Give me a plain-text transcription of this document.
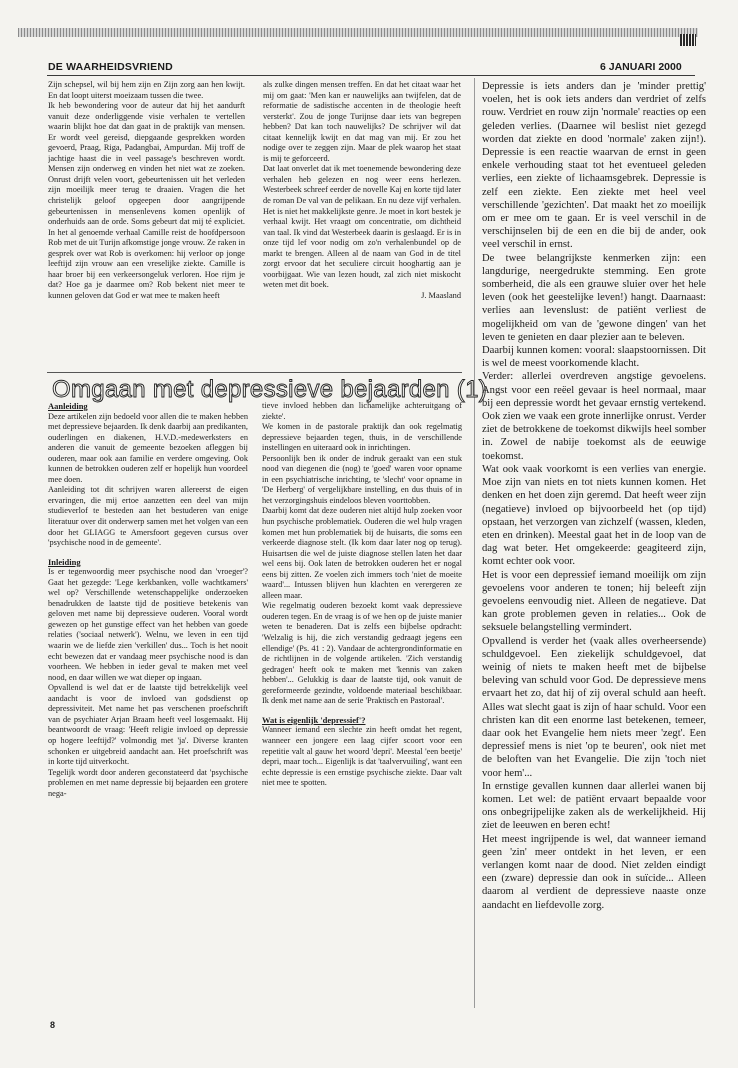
DE WAARHEIDSVRIEND	6 JANUARI 2000

Zijn schepsel, wil bij hem zijn en Zijn zorg aan hen kwijt. En dat loopt uiterst moeizaam tussen die twee.

Ik heb bewondering voor de auteur dat hij het aandurft vanuit deze onderliggende visie verhalen te vertellen waarin blijkt hoe dat dan gaat in de praktijk van mensen. Er wordt veel gereisd, diepgaande gesprekken worden gevoerd, Praag, Riga, Padangbai, Ampurdan. Mij troff de jachtige haast die in veel passage's beschreven wordt. Mensen zijn onderweg en vinden het niet wat ze zoeken. Onrust drijft velen voort, gebeurtenissen uit het verleden zijn moeilijk meer terug te draaien. Vragen die het christelijk geloof opgeepen door aangrijpende gebeurtenissen in mensenlevens komen openlijk of onderhuids aan de orde. Soms gebeurt dat mij té expliciet. In het al genoemde verhaal Camille reist de hoofdpersoon Rob met de uit Turijn afkomstige jonge vrouw. Ze raken in gesprek over wat Rob is overkomen: hij verloor op jonge leeftijd zijn vrouw aan een vreselijke ziekte. Camille is haar broer bij een verkeersongeluk verloren. Hoe rijm je dat? Hoe ga je daarmee om? Rob bekent niet meer te kunnen geloven dat God er wat mee te maken heeft

als zulke dingen mensen treffen. En dat het citaat waar het mij om gaat: 'Men kan er nauwelijks aan twijfelen, dat de reformatie de sadistische accenten in de theologie heeft versterkt'. Zou de jonge Turijnse daar iets van begrepen hebben? Dat kan toch nauwelijks? De schrijver wil dat citaat kennelijk kwijt en dat mag van mij. Er zou het nodige over te zeggen zijn. Maar de plek waarop het staat is mij te geforceerd.

Dat laat onverlet dat ik met toenemende bewondering deze verhalen heb gelezen en nog weer eens herlezen. Westerbeek schreef eerder de novelle Kaj en korte tijd later de roman De val van de pelikaan. En nu deze vijf verhalen. Het is niet het makkelijkste genre. Je moet in kort bestek je verhaal kwijt. Het vraagt om concentratie, om dichtheid van taal. Ik vind dat Westerbeek daarin is geslaagd. Er is in onze tijd lef voor nodig om zo'n verhalenbundel op de markt te brengen. Alleen al de naam van God in de titel zorgt ervoor dat het seculiere circuit hooghartig aan je voorbijgaat. Wie van lezen houdt, zal zich niet miskocht weten met dit boek.

J. Maasland

Omgaan met depressieve bejaarden (1)
Aanleiding

Deze artikelen zijn bedoeld voor allen die te maken hebben met depressieve bejaarden. Ik denk daarbij aan predikanten, ouderlingen en diakenen, H.V.D.-medewerksters en anderen die vanuit de gemeente bezoeken afleggen bij ouderen, maar ook aan familie en verdere omgeving. Ook kunnen de betrokken ouderen zelf er hopelijk hun voordeel mee doen.

Aanleiding tot dit schrijven waren allereerst de eigen ervaringen, die mij ertoe aanzetten een deel van mijn studieverlof te besteden aan het bestuderen van enige literatuur over dit onderwerp samen met het volgen van een door het GLIAGG te Amersfoort gegeven cursus over 'psychische nood in de gemeente'.

Inleiding

Is er tegenwoordig meer psychische nood dan 'vroeger'? Gaat het gezegde: 'Lege kerkbanken, volle wachtkamers' wel op? Verschillende wetenschappelijke onderzoeken benadrukken de laatste tijd de positieve betekenis van geloven met name bij depressieve ouderen. Vooral wordt gewezen op het gunstige effect van het hebben van goede relaties ('sociaal netwerk'). Welnu, we leven in een tijd waarin we de liefde zien 'verkillen' dus... Toch is het nooit echt bewezen dat er vandaag meer psychische nood is dan voorheen. We hebben in ieder geval te maken met veel nood, en daar willen we wat dieper op ingaan.

Opvallend is wel dat er de laatste tijd betrekkelijk veel aandacht is voor de invloed van godsdienst op depressiviteit. Met name het pas verschenen proefschrift van de psychiater Arjan Braam heeft veel losgemaakt. Hij beantwoordt de vraag: 'Heeft religie invloed op depressie op hogere leeftijd?' volmondig met 'ja'. Diverse kranten schonken er uitgebreid aandacht aan. Het proefschrift was in korte tijd uitverkocht.

Tegelijk wordt door anderen geconstateerd dat 'psychische problemen en met name depressie bij bejaarden een grotere nega-

tieve invloed hebben dan lichamelijke achteruitgang of ziekte'.

We komen in de pastorale praktijk dan ook regelmatig depressieve bejaarden tegen, thuis, in de verschillende instellingen en uiteraard ook in inrichtingen.

Persoonlijk ben ik onder de indruk geraakt van een stuk nood van diegenen die (nog) te 'goed' waren voor opname in een psychiatrische inrichting, te 'slecht' voor opname in 'De Herberg' of vergelijkbare instelling, en dus thuis of in het verzorgingshuis eindeloos bleven voorttobben.

Daarbij komt dat deze ouderen niet altijd hulp zoeken voor hun psychische problematiek. Ouderen die wel hulp vragen komen met hun problematiek bij de huisarts, die soms een verkeerde diagnose stelt. (Ik kom daar later nog op terug). Huisartsen die wel de juiste diagnose stellen laten het daar wel eens bij. Ook laten de betrokken ouderen het er nogal eens bij zitten. Ze voelen zich immers toch 'niet de moeite waard'... Intussen blijven hun klachten en verergeren ze alleen maar.

Wie regelmatig ouderen bezoekt komt vaak depressieve ouderen tegen. En de vraag is of we hen op de juiste manier weten te benaderen. Dat is zelfs een bijbelse opdracht: 'Welzalig is hij, die zich verstandig gedraagt jegens een ellendige' (Ps. 41 : 2). Vandaar de achtergrondinformatie en de richtlijnen in de volgende artikelen. 'Zich verstandig gedragen' heeft ook te maken met 'kennis van zaken hebben'... Gelukkig is daar de laatste tijd, ook vanuit de gereformeerde gezindte, voldoende materiaal beschikbaar. Ik denk met name aan de serie 'Praktisch en Pastoraal'.

Wat is eigenlijk 'depressief'?

Wanneer iemand een slechte zin heeft omdat het regent, wanneer een jongere een laag cijfer scoort voor een repetitie valt al gauw het woord 'depri'. Meestal 'een beetje' depri, maar toch... Eigenlijk is dat 'taalvervuiling', want een echte depressie is een ernstige psychische ziekte. Daar valt niet mee te spotten.

Depressie is iets anders dan je 'minder prettig' voelen, het is ook iets anders dan verdriet of zelfs rouw. Verdriet en rouw zijn 'normale' reacties op een geleden verlies. (Daarnee wil beslist niet gezegd worden dat ziekte en dood 'normale' zaken zijn!). Depressie is een reactie waarvan de ernst in geen enkele verhouding staat tot het eventueel geleden verlies, een ziekte of lichaamsgebrek. Depressie is zelf een ziekte. Een ziekte met heel veel verschillende 'gezichten'. Dat maakt het zo moeilijk om er mee om te gaan. Er is veel verschil in de verschijnselen bij de een en die bij de ander, ook veel verschil in ernst.

De twee belangrijkste kenmerken zijn: een langdurige, neergedrukte stemming. Een grote somberheid, die als een grauwe sluier over het hele leven (ook het geestelijke leven!) hangt. Daarnaast: verlies aan levenslust: de patiënt verliest de mogelijkheid om van de 'gewone dingen' van het leven te genieten en daar plezier aan te beleven.

Daarbij kunnen komen: vooral: slaapstoornissen. Dit is wel de meest voorkomende klacht.

Verder: allerlei overdreven angstige gevoelens. Angst voor een reëel gevaar is heel normaal, maar bij een depressie wordt het gevaar ernstig vertekend. Ook zien we vaak een grote innerlijke onrust. Verder ziet de betrokkene de toekomst dikwijls heel somber in. Zowel de nabije toekomst als de eeuwige toekomst.

Wat ook vaak voorkomt is een verlies van energie. Moe zijn van niets en tot niets kunnen komen. Het denken en het doen zijn geremd. Dat heeft weer zijn (negatieve) invloed op bijvoorbeeld het (op tijd) opstaan, het verzorgen van zichzelf (wassen, kleden, eten en drinken). Meestal gaat het in de loop van de dag wat beter. Het omgekeerde: geagiteerd zijn, komt echter ook voor.

Het is voor een depressief iemand moeilijk om zijn gevoelens voor anderen te tonen; hij beleeft zijn gevoelens eenvoudig niet. Alleen de negatieve. Dat kan grote problemen geven in relaties... Ook de seksuele belangstelling vermindert.

Opvallend is verder het (vaak alles overheersende) schuldgevoel. Een ziekelijk schuldgevoel, dat weinig of niets te maken heeft met de bijbelse beleving van schuld voor God. De depressieve mens ervaart het zo, dat hij of zij overal schuld aan heeft. Alles wat slecht gaat is zijn of haar schuld. Voor een christen kan dit een enorme last betekenen, temeer, daar ook het Evangelie hem niets meer 'zegt'. Een depressief mens is niet 'op te beuren', ook niet met de beloften van het Evangelie. Die zijn 'toch niet voor hem'...

In ernstige gevallen kunnen daar allerlei wanen bij komen. Let wel: de patiënt ervaart bepaalde voor ons onbegrijpelijke zaken als de werkelijkheid. Hij ziet de leeuwen en beren echt!

Het meest ingrijpende is wel, dat wanneer iemand geen 'zin' meer ontdekt in het leven, er een verlangen komt naar de dood. Niet zelden eindigt een (zware) depressie dan ook in suïcide... Alleen daarom al verdient de depressieve naaste onze aandacht en liefdevolle zorg.

8
